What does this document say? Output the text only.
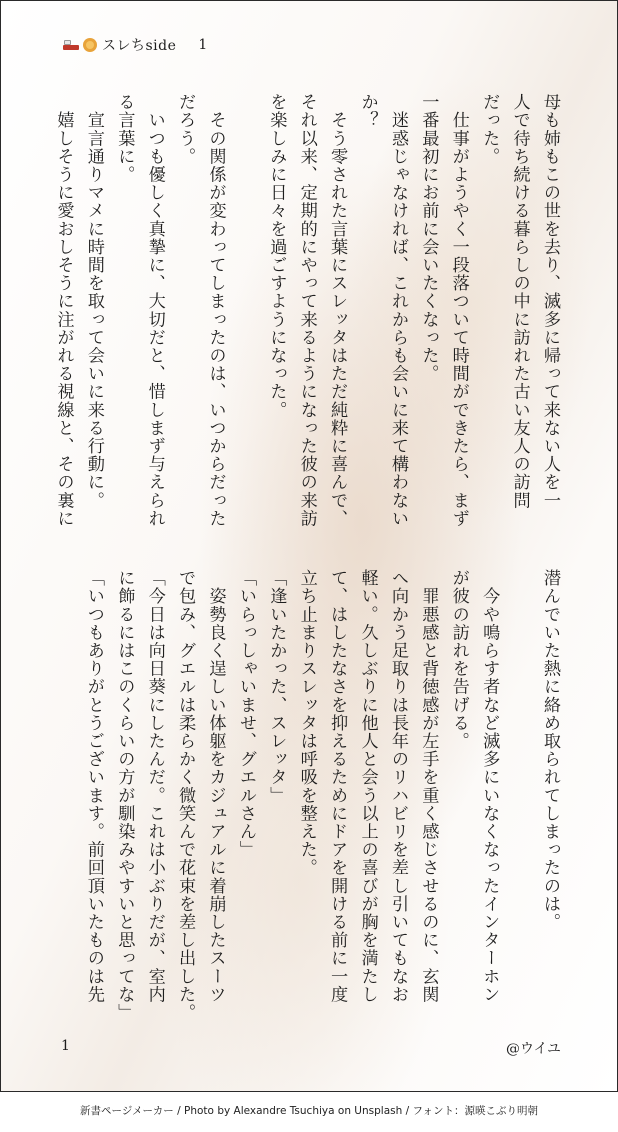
スレちside 1
母も姉もこの世を去り、滅多に帰って来ない人を一
人で待ち続ける暮らしの中に訪れた古い友人の訪問
だった。
　仕事がようやく一段落ついて時間ができたら、まず
一番最初にお前に会いたくなった。
　迷惑じゃなければ、これからも会いに来て構わない
か？
　そう零された言葉にスレッタはただ純粋に喜んで、
それ以来、定期的にやって来るようになった彼の来訪
を楽しみに日々を過ごすようになった。

　その関係が変わってしまったのは、いつからだった
だろう。
　いつも優しく真摯に、大切だと、惜しまず与えられ
る言葉に。
　宣言通りマメに時間を取って会いに来る行動に。
　嬉しそうに愛おしそうに注がれる視線と、その裏に
潜んでいた熱に絡め取られてしまったのは。

　今や鳴らす者など滅多にいなくなったインターホン
が彼の訪れを告げる。
　罪悪感と背徳感が左手を重く感じさせるのに、玄関
へ向かう足取りは長年のリハビリを差し引いてもなお
軽い。久しぶりに他人と会う以上の喜びが胸を満たし
て、はしたなさを抑えるためにドアを開ける前に一度
立ち止まりスレッタは呼吸を整えた。
「逢いたかった、スレッタ」
「いらっしゃいませ、グエルさん」
　姿勢良く逞しい体躯をカジュアルに着崩したスーツ
で包み、グエルは柔らかく微笑んで花束を差し出した。
「今日は向日葵にしたんだ。これは小ぶりだが、室内
に飾るにはこのくらいの方が馴染みやすいと思ってな」
「いつもありがとうございます。前回頂いたものは先
1	@ウイユ
新書ページメーカー / Photo by Alexandre Tsuchiya on Unsplash / フォント：源暎こぶり明朝
